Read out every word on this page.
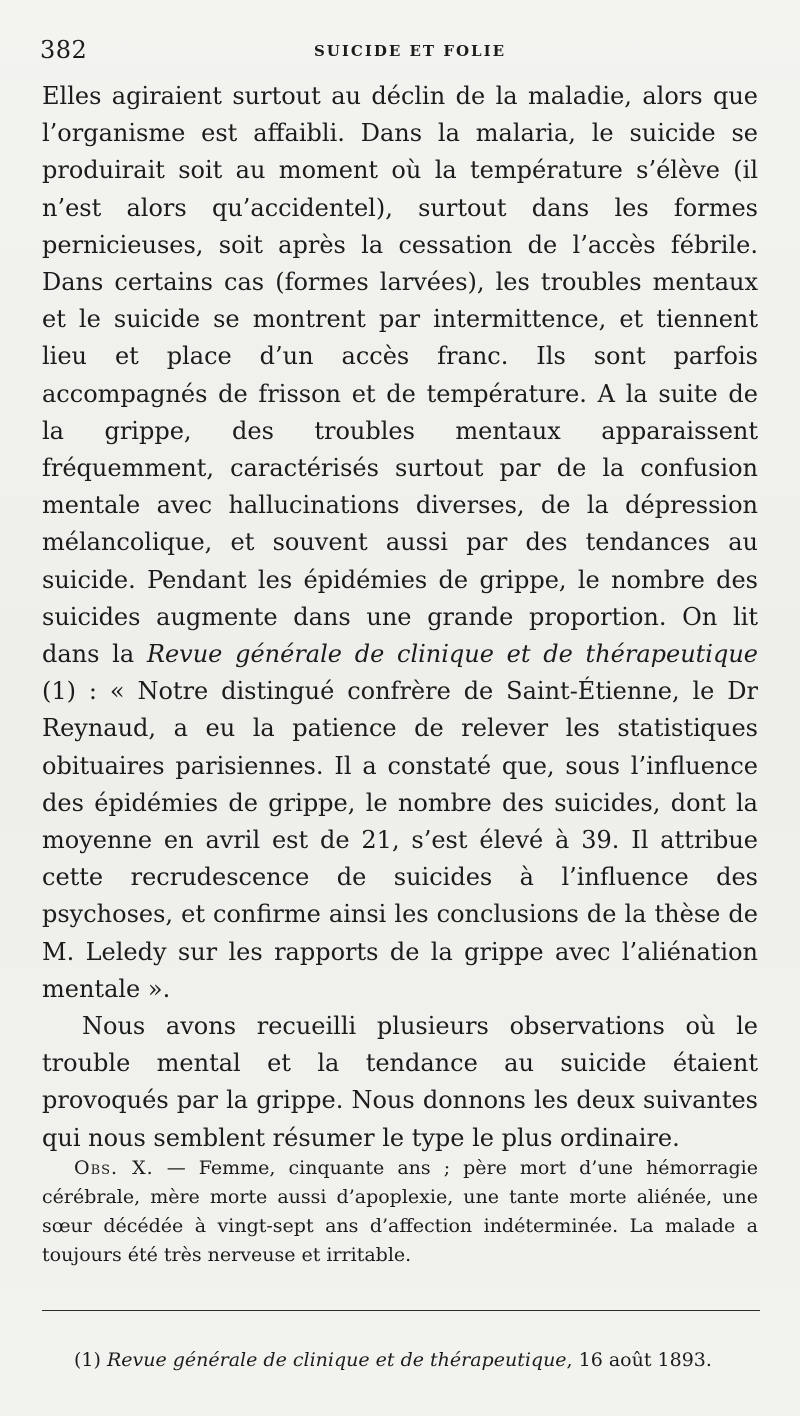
382	SUICIDE ET FOLIE

Elles agiraient surtout au déclin de la maladie, alors que l’organisme est affaibli. Dans la malaria, le suicide se produirait soit au moment où la température s’élève (il n’est alors qu’accidentel), surtout dans les formes pernicieuses, soit après la cessation de l’accès fébrile. Dans certains cas (formes larvées), les troubles mentaux et le suicide se montrent par intermittence, et tiennent lieu et place d’un accès franc. Ils sont parfois accompagnés de frisson et de température. A la suite de la grippe, des troubles mentaux apparaissent fréquemment, caractérisés surtout par de la confusion mentale avec hallucinations diverses, de la dépression mélancolique, et souvent aussi par des tendances au suicide. Pendant les épidémies de grippe, le nombre des suicides augmente dans une grande proportion. On lit dans la Revue générale de clinique et de thérapeutique (1) : « Notre distingué confrère de Saint-Étienne, le Dr Reynaud, a eu la patience de relever les statistiques obituaires parisiennes. Il a constaté que, sous l’influence des épidémies de grippe, le nombre des suicides, dont la moyenne en avril est de 21, s’est élevé à 39. Il attribue cette recrudescence de suicides à l’influence des psychoses, et confirme ainsi les conclusions de la thèse de M. Leledy sur les rapports de la grippe avec l’aliénation mentale ».

Nous avons recueilli plusieurs observations où le trouble mental et la tendance au suicide étaient provoqués par la grippe. Nous donnons les deux suivantes qui nous semblent résumer le type le plus ordinaire.

Obs. X. — Femme, cinquante ans ; père mort d’une hémorragie cérébrale, mère morte aussi d’apoplexie, une tante morte aliénée, une sœur décédée à vingt-sept ans d’affection indéterminée. La malade a toujours été très nerveuse et irritable.

(1) Revue générale de clinique et de thérapeutique, 16 août 1893.
